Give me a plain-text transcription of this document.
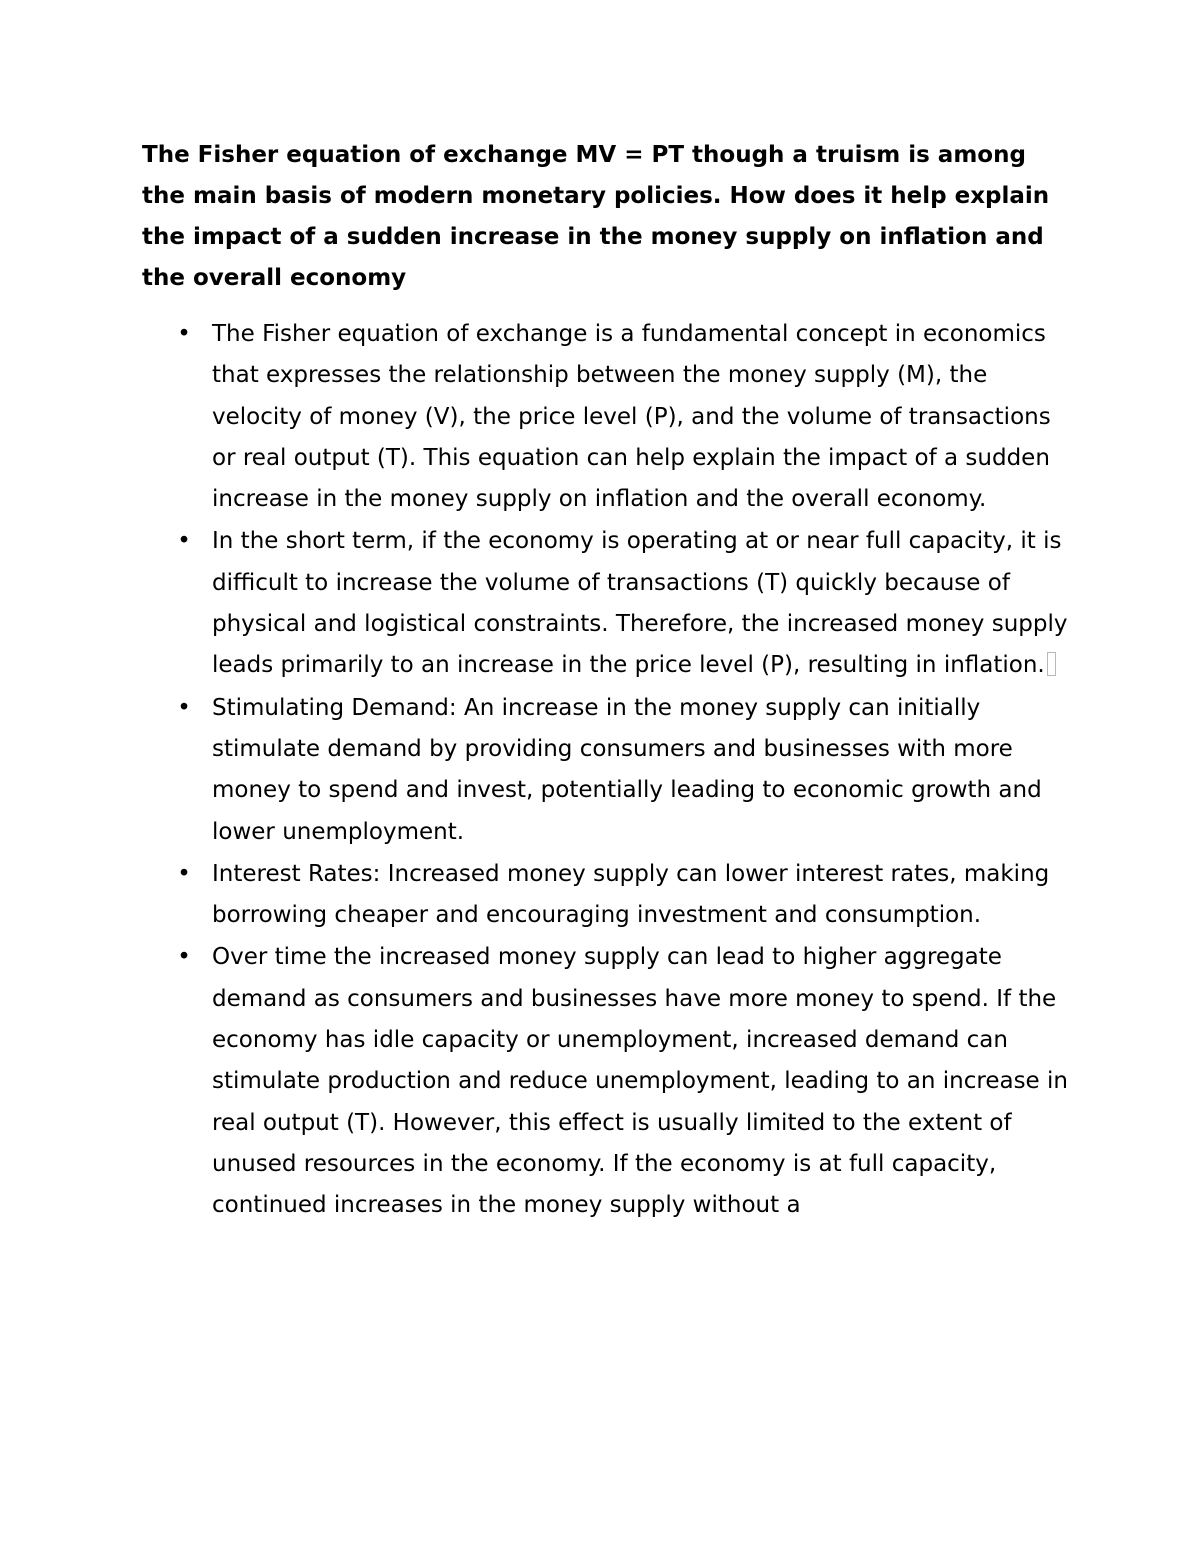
The Fisher equation of exchange MV = PT though a truism is among the main basis of modern monetary policies. How does it help explain the impact of a sudden increase in the money supply on inflation and the overall economy

• The Fisher equation of exchange is a fundamental concept in economics that expresses the relationship between the money supply (M), the velocity of money (V), the price level (P), and the volume of transactions or real output (T). This equation can help explain the impact of a sudden increase in the money supply on inflation and the overall economy.
• In the short term, if the economy is operating at or near full capacity, it is difficult to increase the volume of transactions (T) quickly because of physical and logistical constraints. Therefore, the increased money supply leads primarily to an increase in the price level (P), resulting in inflation.
• Stimulating Demand: An increase in the money supply can initially stimulate demand by providing consumers and businesses with more money to spend and invest, potentially leading to economic growth and lower unemployment.
• Interest Rates: Increased money supply can lower interest rates, making borrowing cheaper and encouraging investment and consumption.
• Over time the increased money supply can lead to higher aggregate demand as consumers and businesses have more money to spend. If the economy has idle capacity or unemployment, increased demand can stimulate production and reduce unemployment, leading to an increase in real output (T). However, this effect is usually limited to the extent of unused resources in the economy. If the economy is at full capacity, continued increases in the money supply without a
